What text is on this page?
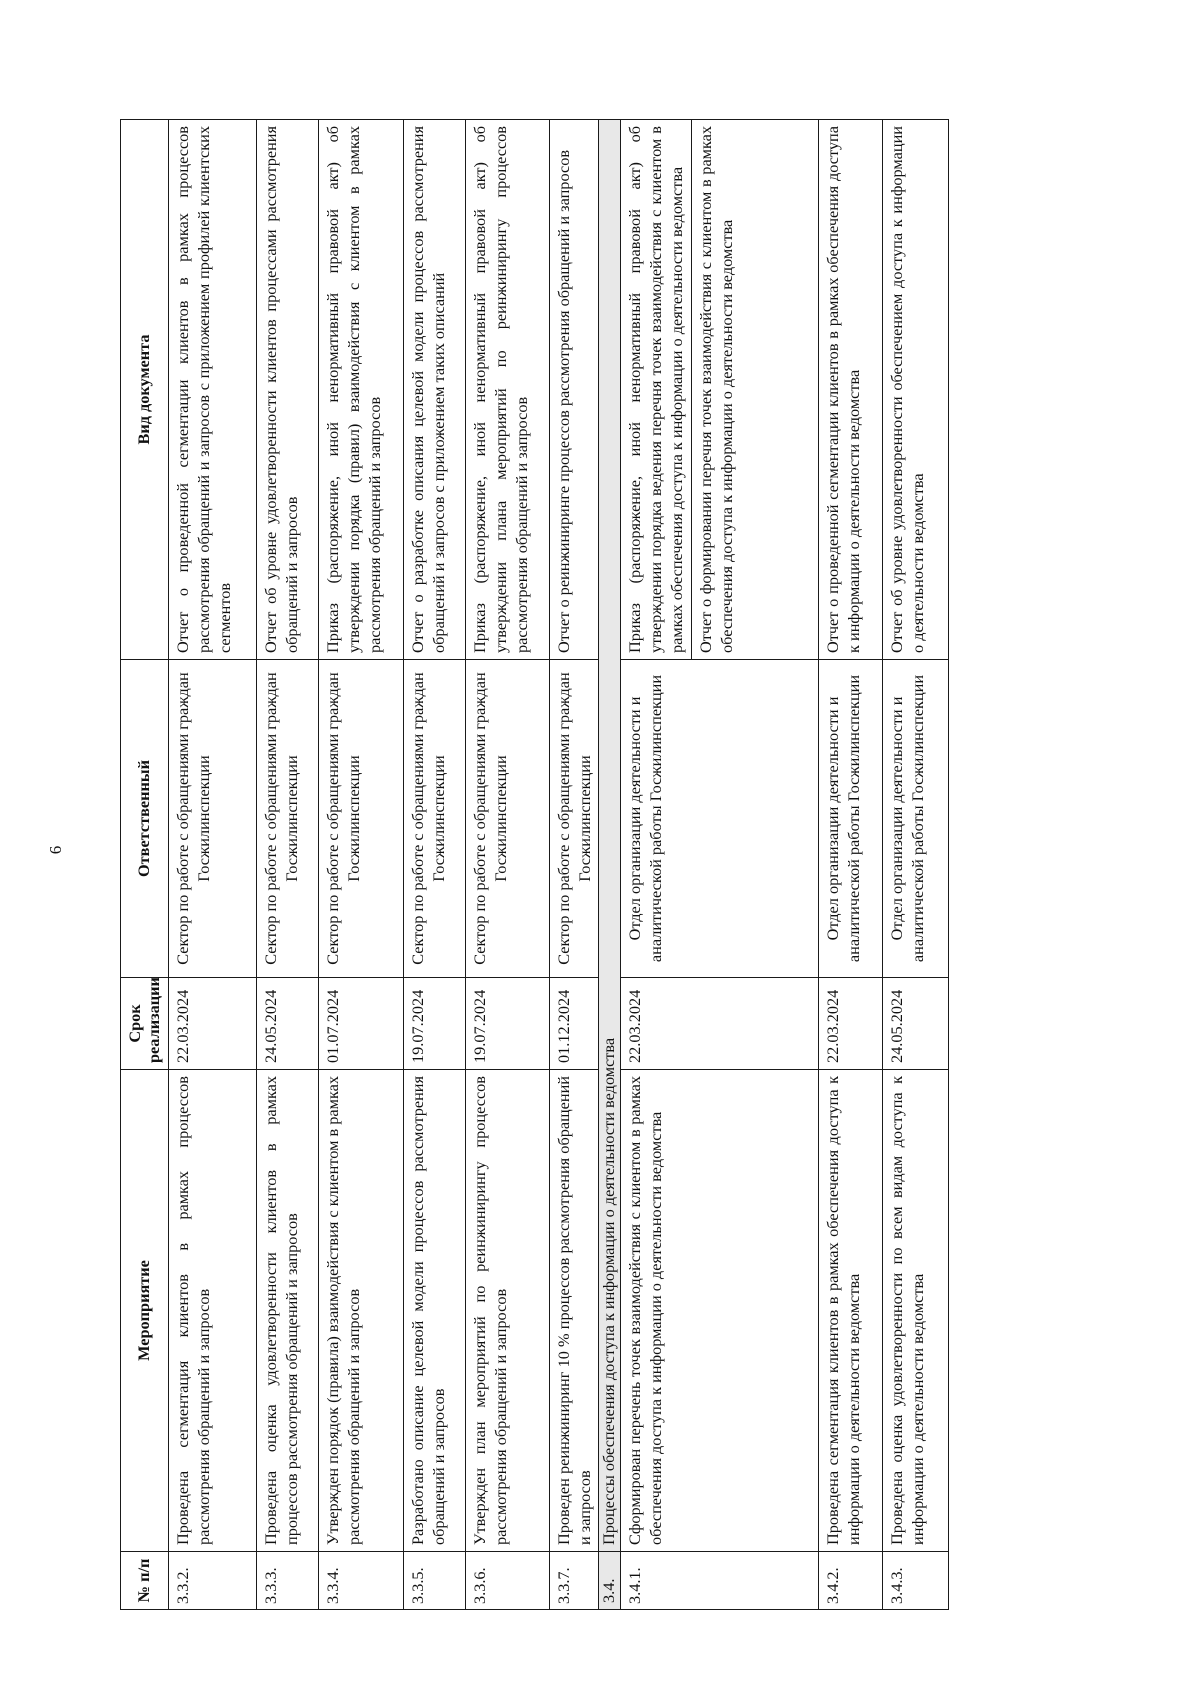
6
№ п/п	Мероприятие	Срок реализации	Ответственный	Вид документа
3.3.2.	Проведена сегментация клиентов в рамках процессов рассмотрения обращений и запросов	22.03.2024	Сектор по работе с обращениями граждан Госжилинспекции	Отчет о проведенной сегментации клиентов в рамках процессов рассмотрения обращений и запросов с приложением профилей клиентских сегментов
3.3.3.	Проведена оценка удовлетворенности клиентов в рамках процессов рассмотрения обращений и запросов	24.05.2024	Сектор по работе с обращениями граждан Госжилинспекции	Отчет об уровне удовлетворенности клиентов процессами рассмотрения обращений и запросов
3.3.4.	Утвержден порядок (правила) взаимодействия с клиентом в рамках рассмотрения обращений и запросов	01.07.2024	Сектор по работе с обращениями граждан Госжилинспекции	Приказ (распоряжение, иной ненормативный правовой акт) об утверждении порядка (правил) взаимодействия с клиентом в рамках рассмотрения обращений и запросов
3.3.5.	Разработано описание целевой модели процессов рассмотрения обращений и запросов	19.07.2024	Сектор по работе с обращениями граждан Госжилинспекции	Отчет о разработке описания целевой модели процессов рассмотрения обращений и запросов с приложением таких описаний
3.3.6.	Утвержден план мероприятий по реинжинирингу процессов рассмотрения обращений и запросов	19.07.2024	Сектор по работе с обращениями граждан Госжилинспекции	Приказ (распоряжение, иной ненормативный правовой акт) об утверждении плана мероприятий по реинжинирингу процессов рассмотрения обращений и запросов
3.3.7.	Проведен реинжиниринг 10 % процессов рассмотрения обращений и запросов	01.12.2024	Сектор по работе с обращениями граждан Госжилинспекции	Отчет о реинжиниринге процессов рассмотрения обращений и запросов
3.4.	Процессы обеспечения доступа к информации о деятельности ведомства			
3.4.1.	Сформирован перечень точек взаимодействия с клиентом в рамках обеспечения доступа к информации о деятельности ведомства	22.03.2024	Отдел организации деятельности и аналитической работы Госжилинспекции	Приказ (распоряжение, иной ненормативный правовой акт) об утверждении порядка ведения перечня точек взаимодействия с клиентом в рамках обеспечения доступа к информации о деятельности ведомства Отчет о формировании перечня точек взаимодействия с клиентом в рамках обеспечения доступа к информации о деятельности ведомства

3.4.2.	Проведена сегментация клиентов в рамках обеспечения доступа к информации о деятельности ведомства	22.03.2024	Отдел организации деятельности и аналитической работы Госжилинспекции	Отчет о проведенной сегментации клиентов в рамках обеспечения доступа к информации о деятельности ведомства
3.4.3.	Проведена оценка удовлетворенности по всем видам доступа к информации о деятельности ведомства	24.05.2024	Отдел организации деятельности и аналитической работы Госжилинспекции	Отчет об уровне удовлетворенности обеспечением доступа к информации о деятельности ведомства
